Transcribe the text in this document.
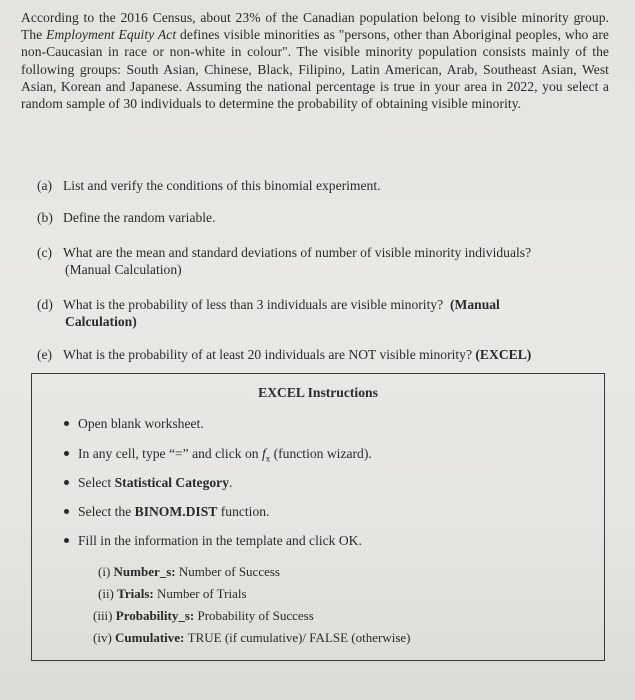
According to the 2016 Census, about 23% of the Canadian population belong to visible minority group. The Employment Equity Act defines visible minorities as "persons, other than Aboriginal peoples, who are non-Caucasian in race or non-white in colour". The visible minority population consists mainly of the following groups: South Asian, Chinese, Black, Filipino, Latin American, Arab, Southeast Asian, West Asian, Korean and Japanese. Assuming the national percentage is true in your area in 2022, you select a random sample of 30 individuals to determine the probability of obtaining visible minority.
(a) List and verify the conditions of this binomial experiment.
(b) Define the random variable.
(c) What are the mean and standard deviations of number of visible minority individuals?
(Manual Calculation)
(d) What is the probability of less than 3 individuals are visible minority? (Manual
Calculation)
(e) What is the probability of at least 20 individuals are NOT visible minority? (EXCEL)
EXCEL Instructions
Open blank worksheet.
In any cell, type “=” and click on $f_x$ (function wizard).
Select Statistical Category.
Select the BINOM.DIST function.
Fill in the information in the template and click OK.
(i) Number_s: Number of Success
(ii) Trials: Number of Trials
(iii) Probability_s: Probability of Success
(iv) Cumulative: TRUE (if cumulative)/ FALSE (otherwise)
